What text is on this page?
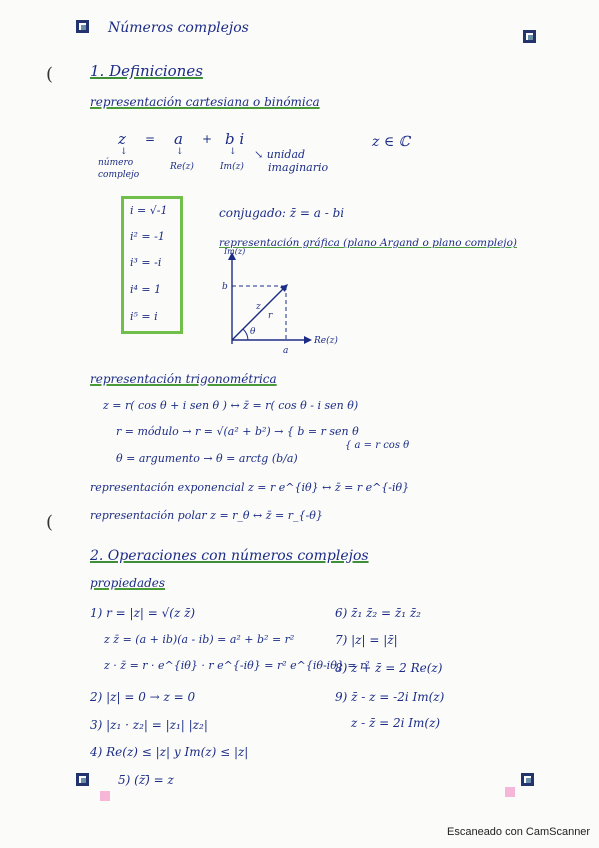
(
(
Números complejos
1. Definiciones
representación cartesiana o binómica
z = a + b i
↘ unidad
imaginario
z ∈ ℂ
↓	↓	↓
número
complejo
Re(z)	Im(z)
i = √-1
i² = -1
i³ = -i
i⁴ = 1
i⁵ = i
conjugado: z̄ = a - bi
representación gráfica (plano Argand o plano complejo)
Im(z)
Re(z)
b
a
z
r
θ
representación trigonométrica
z = r( cos θ + i sen θ ) ↔ z̄ = r( cos θ - i sen θ)
r = módulo → r = √(a² + b²) → { b = r sen θ
{ a = r cos θ
θ = argumento → θ = arctg (b/a)
representación exponencial z = r e^{iθ} ↔ z̄ = r e^{-iθ}
representación polar z = r_θ ↔ z̄ = r_{-θ}
2. Operaciones con números complejos
propiedades
1) r = |z| = √(z z̄)
z z̄ = (a + ib)(a - ib) = a² + b² = r²
z · z̄ = r · e^{iθ} · r e^{-iθ} = r² e^{iθ-iθ} = r²
2) |z| = 0 → z = 0
3) |z₁ · z₂| = |z₁| |z₂|
4) Re(z) ≤ |z| y Im(z) ≤ |z|
5) (z̄)̄ = z
6) z̄₁ z̄₂ = z̄₁ z̄₂
7) |z| = |z̄|
8) z + z̄ = 2 Re(z)
9) z̄ - z = -2i Im(z)
z - z̄ = 2i Im(z)
Escaneado con CamScanner
